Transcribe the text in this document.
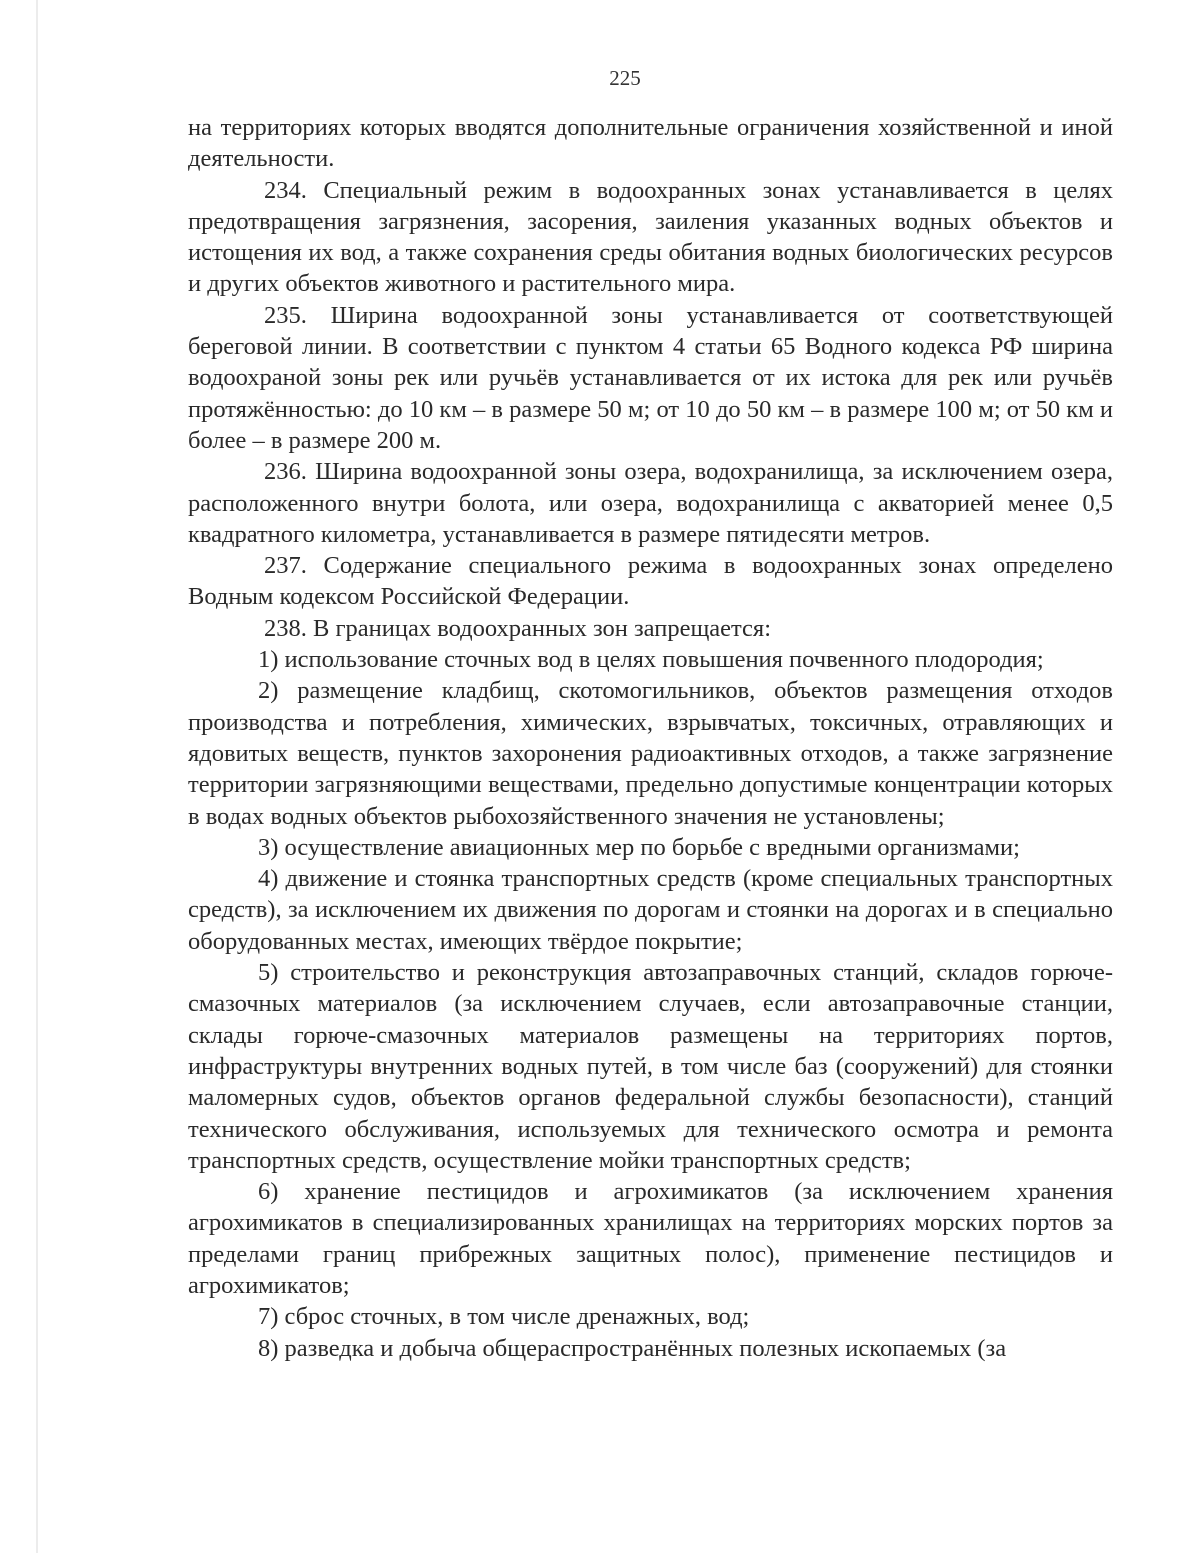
225

на территориях которых вводятся дополнительные ограничения хозяйственной и иной деятельности.

234. Специальный режим в водоохранных зонах устанавливается в целях предотвращения загрязнения, засорения, заиления указанных водных объектов и истощения их вод, а также сохранения среды обитания водных биологических ресурсов и других объектов животного и растительного мира.

235. Ширина водоохранной зоны устанавливается от соответствующей береговой линии. В соответствии с пунктом 4 статьи 65 Водного кодекса РФ ширина водоохраной зоны рек или ручьёв устанавливается от их истока для рек или ручьёв протяжённостью: до 10 км – в размере 50 м; от 10 до 50 км – в размере 100 м; от 50 км и более – в размере 200 м.

236. Ширина водоохранной зоны озера, водохранилища, за исключением озера, расположенного внутри болота, или озера, водохранилища с акваторией менее 0,5 квадратного километра, устанавливается в размере пятидесяти метров.

237. Содержание специального режима в водоохранных зонах определено Водным кодексом Российской Федерации.

238. В границах водоохранных зон запрещается:

1) использование сточных вод в целях повышения почвенного плодородия;

2) размещение кладбищ, скотомогильников, объектов размещения отходов производства и потребления, химических, взрывчатых, токсичных, отравляющих и ядовитых веществ, пунктов захоронения радиоактивных отходов, а также загрязнение территории загрязняющими веществами, предельно допустимые концентрации которых в водах водных объектов рыбохозяйственного значения не установлены;

3) осуществление авиационных мер по борьбе с вредными организмами;

4) движение и стоянка транспортных средств (кроме специальных транспортных средств), за исключением их движения по дорогам и стоянки на дорогах и в специально оборудованных местах, имеющих твёрдое покрытие;

5) строительство и реконструкция автозаправочных станций, складов горюче-смазочных материалов (за исключением случаев, если автозаправочные станции, склады горюче-смазочных материалов размещены на территориях портов, инфраструктуры внутренних водных путей, в том числе баз (сооружений) для стоянки маломерных судов, объектов органов федеральной службы безопасности), станций технического обслуживания, используемых для технического осмотра и ремонта транспортных средств, осуществление мойки транспортных средств;

6) хранение пестицидов и агрохимикатов (за исключением хранения агрохимикатов в специализированных хранилищах на территориях морских портов за пределами границ прибрежных защитных полос), применение пестицидов и агрохимикатов;

7) сброс сточных, в том числе дренажных, вод;

8) разведка и добыча общераспространённых полезных ископаемых (за
